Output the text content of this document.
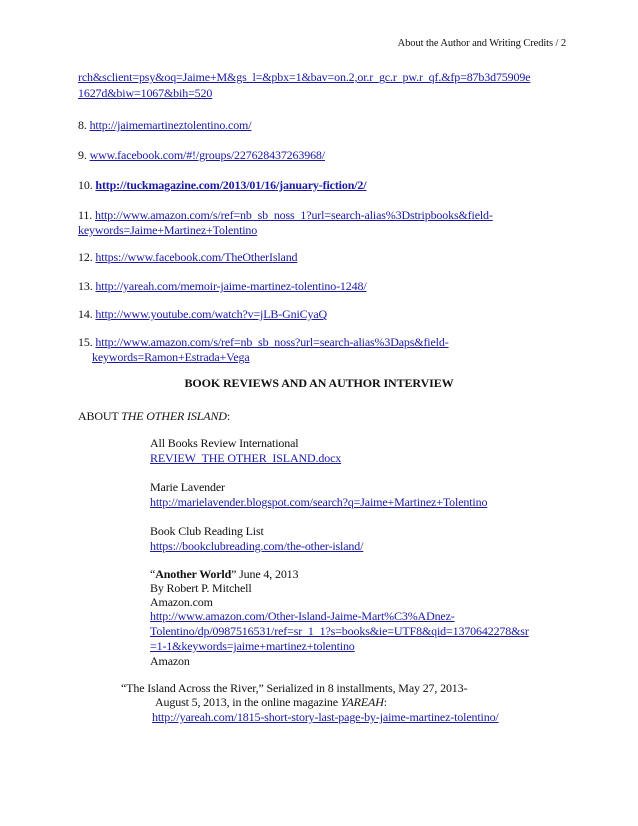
About the Author and Writing Credits / 2
rch&sclient=psy&oq=Jaime+M&gs_l=&pbx=1&bav=on.2,or.r_gc.r_pw.r_qf.&fp=87b3d75909e
1627d&biw=1067&bih=520
8. http://jaimemartineztolentino.com/
9. www.facebook.com/#!/groups/227628437263968/
10. http://tuckmagazine.com/2013/01/16/january-fiction/2/
11. http://www.amazon.com/s/ref=nb_sb_noss_1?url=search-alias%3Dstripbooks&field-
keywords=Jaime+Martinez+Tolentino
12. https://www.facebook.com/TheOtherIsland
13. http://yareah.com/memoir-jaime-martinez-tolentino-1248/
14. http://www.youtube.com/watch?v=jLB-GniCyaQ
15. http://www.amazon.com/s/ref=nb_sb_noss?url=search-alias%3Daps&field-
keywords=Ramon+Estrada+Vega
BOOK REVIEWS AND AN AUTHOR INTERVIEW
ABOUT THE OTHER ISLAND:
All Books Review International
REVIEW_THE OTHER_ISLAND.docx
Marie Lavender
http://marielavender.blogspot.com/search?q=Jaime+Martinez+Tolentino
Book Club Reading List
https://bookclubreading.com/the-other-island/
“Another World” June 4, 2013
By Robert P. Mitchell
Amazon.com
http://www.amazon.com/Other-Island-Jaime-Mart%C3%ADnez-
Tolentino/dp/0987516531/ref=sr_1_1?s=books&ie=UTF8&qid=1370642278&sr
=1-1&keywords=jaime+martinez+tolentino
Amazon
“The Island Across the River,” Serialized in 8 installments, May 27, 2013-
August 5, 2013, in the online magazine YAREAH:
http://yareah.com/1815-short-story-last-page-by-jaime-martinez-tolentino/
